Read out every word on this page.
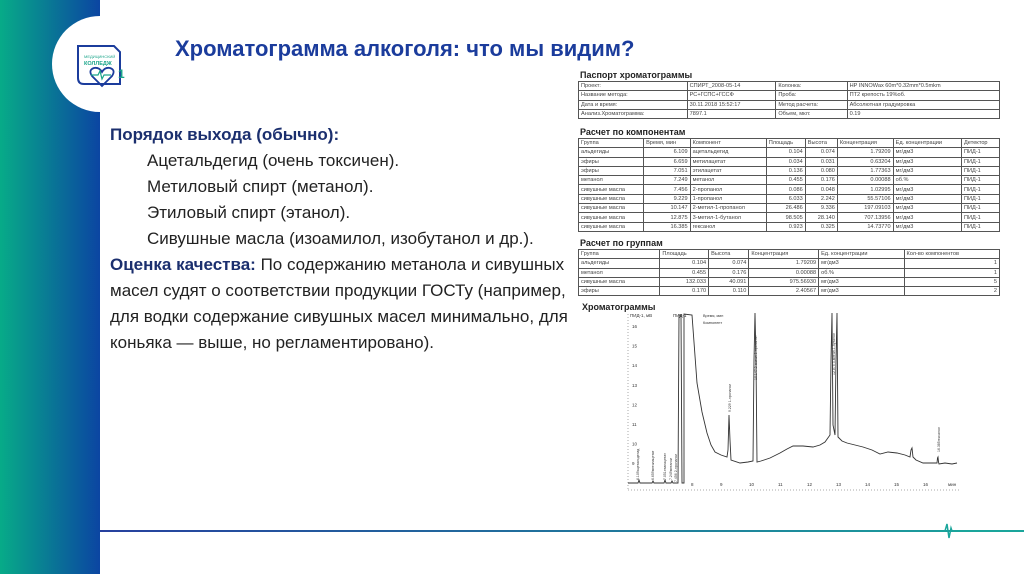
МЕДИЦИНСКИЙ
КОЛЛЕДЖ
1
Хроматограмма алкоголя: что мы видим?
Порядок выхода (обычно):
Ацетальдегид (очень токсичен).
Метиловый спирт (метанол).
Этиловый спирт (этанол).
Сивушные масла (изоамилол, изобутанол и др.).
Оценка качества: По содержанию метанола и сивушных масел судят о соответствии продукции ГОСТу (например, для водки содержание сивушных масел минимально, для коньяка — выше, но регламентировано).
Паспорт хроматограммы
Проект:	СПИРТ_2008-05-14	Колонка:	HP INNOWax 60m*0.32mm*0.5mkm
Название метода:	РС+ГСПС+ГССФ	Проба:	ПТ2 крепость 19%об.
Дата и время:	30.11.2018 15:52:17	Метод расчета:	Абсолютная градуировка
Анализ.Хроматограмма:	7897.1	Объем, мкл:	0.19
Расчет по компонентам
Группа	Время, мин	Компонент	Площадь	Высота	Концентрация	Ед. концентрации	Детектор
альдегиды	6.109	ацетальдегид	0.104	0.074	1.79209	мг/дм3	ПИД-1
эфиры	6.659	метилацетат	0.034	0.031	0.63204	мг/дм3	ПИД-1
эфиры	7.051	этилацетат	0.136	0.080	1.77363	мг/дм3	ПИД-1
метанол	7.249	метанол	0.455	0.176	0.00088	об.%	ПИД-1
сивушные масла	7.456	2-пропанол	0.086	0.048	1.02995	мг/дм3	ПИД-1
сивушные масла	9.229	1-пропанол	6.033	2.242	55.57106	мг/дм3	ПИД-1
сивушные масла	10.147	2-метил-1-пропанол	26.486	9.336	197.09103	мг/дм3	ПИД-1
сивушные масла	12.875	3-метил-1-бутанол	98.505	28.140	707.13956	мг/дм3	ПИД-1
сивушные масла	16.385	гексанол	0.923	0.325	14.73770	мг/дм3	ПИД-1
Расчет по группам
Группа	Площадь	Высота	Концентрация	Ед. концентрации	Кол-во компонентов
альдегиды	0.104	0.074	1.79209	мг/дм3	1
метанол	0.455	0.176	0.00088	об.%	1
сивушные масла	132.033	40.091	975.56930	мг/дм3	5
эфиры	0.170	0.110	2.40567	мг/дм3	2
Хроматограммы
ПИД-1, мВ	ПИД-1	Время, мин
Компонент
16
15
14
13
12
11
10
9
8	9	10	11	12	13	14	15	16	мин
6.109ацетальдегид	6.659метилацетат 7.051этилацетат 7.249метанол 7.456 2-пропанол
9.229 1-пропанол
10.147 2-метил-1-пропанол	12.875 3-метил-1-бутанол
16.385гексанол
